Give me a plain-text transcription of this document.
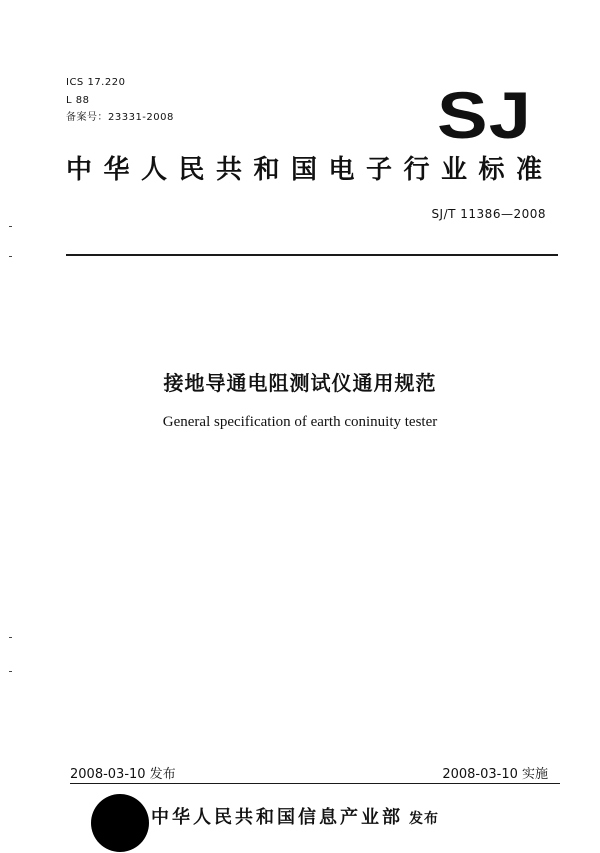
ICS 17.220
L 88
备案号：23331-2008	SJ
中华人民共和国电子行业标准
SJ/T 11386—2008
接地导通电阻测试仪通用规范
General specification of earth coninuity tester
2008-03-10 发布	2008-03-10 实施
中华人民共和国信息产业部 发布
